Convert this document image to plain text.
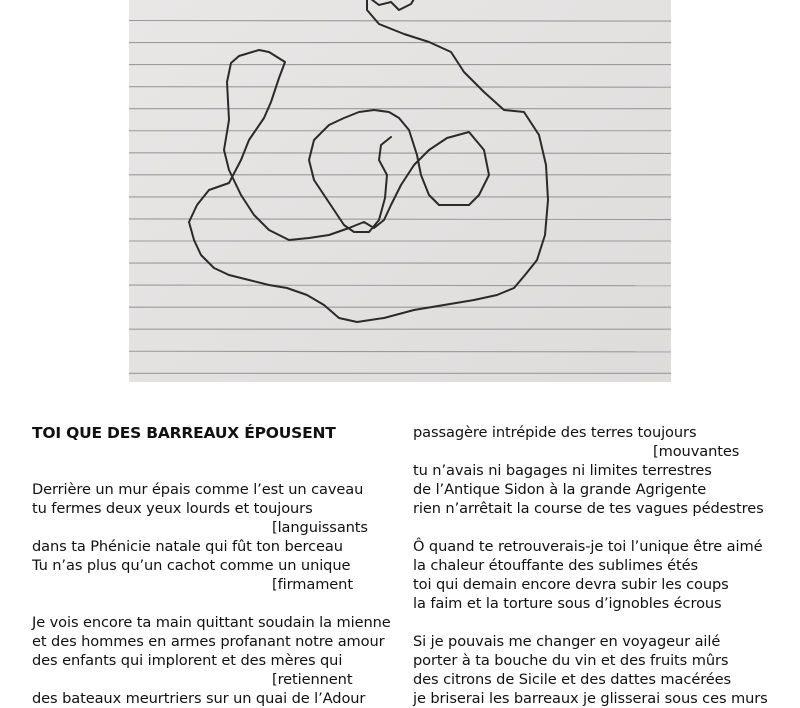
TOI QUE DES BARREAUX ÉPOUSENT
Derrière un mur épais comme l’est un caveau
tu fermes deux yeux lourds et toujours
[languissants
dans ta Phénicie natale qui fût ton berceau
Tu n’as plus qu’un cachot comme un unique
[firmament
Je vois encore ta main quittant soudain la mienne
et des hommes en armes profanant notre amour
des enfants qui implorent et des mères qui
[retiennent
des bateaux meurtriers sur un quai de l’Adour
passagère intrépide des terres toujours
[mouvantes
tu n’avais ni bagages ni limites terrestres
de l’Antique Sidon à la grande Agrigente
rien n’arrêtait la course de tes vagues pédestres
Ô quand te retrouverais-je toi l’unique être aimé
la chaleur étouffante des sublimes étés
toi qui demain encore devra subir les coups
la faim et la torture sous d’ignobles écrous
Si je pouvais me changer en voyageur ailé
porter à ta bouche du vin et des fruits mûrs
des citrons de Sicile et des dattes macérées
je briserai les barreaux je glisserai sous ces murs
